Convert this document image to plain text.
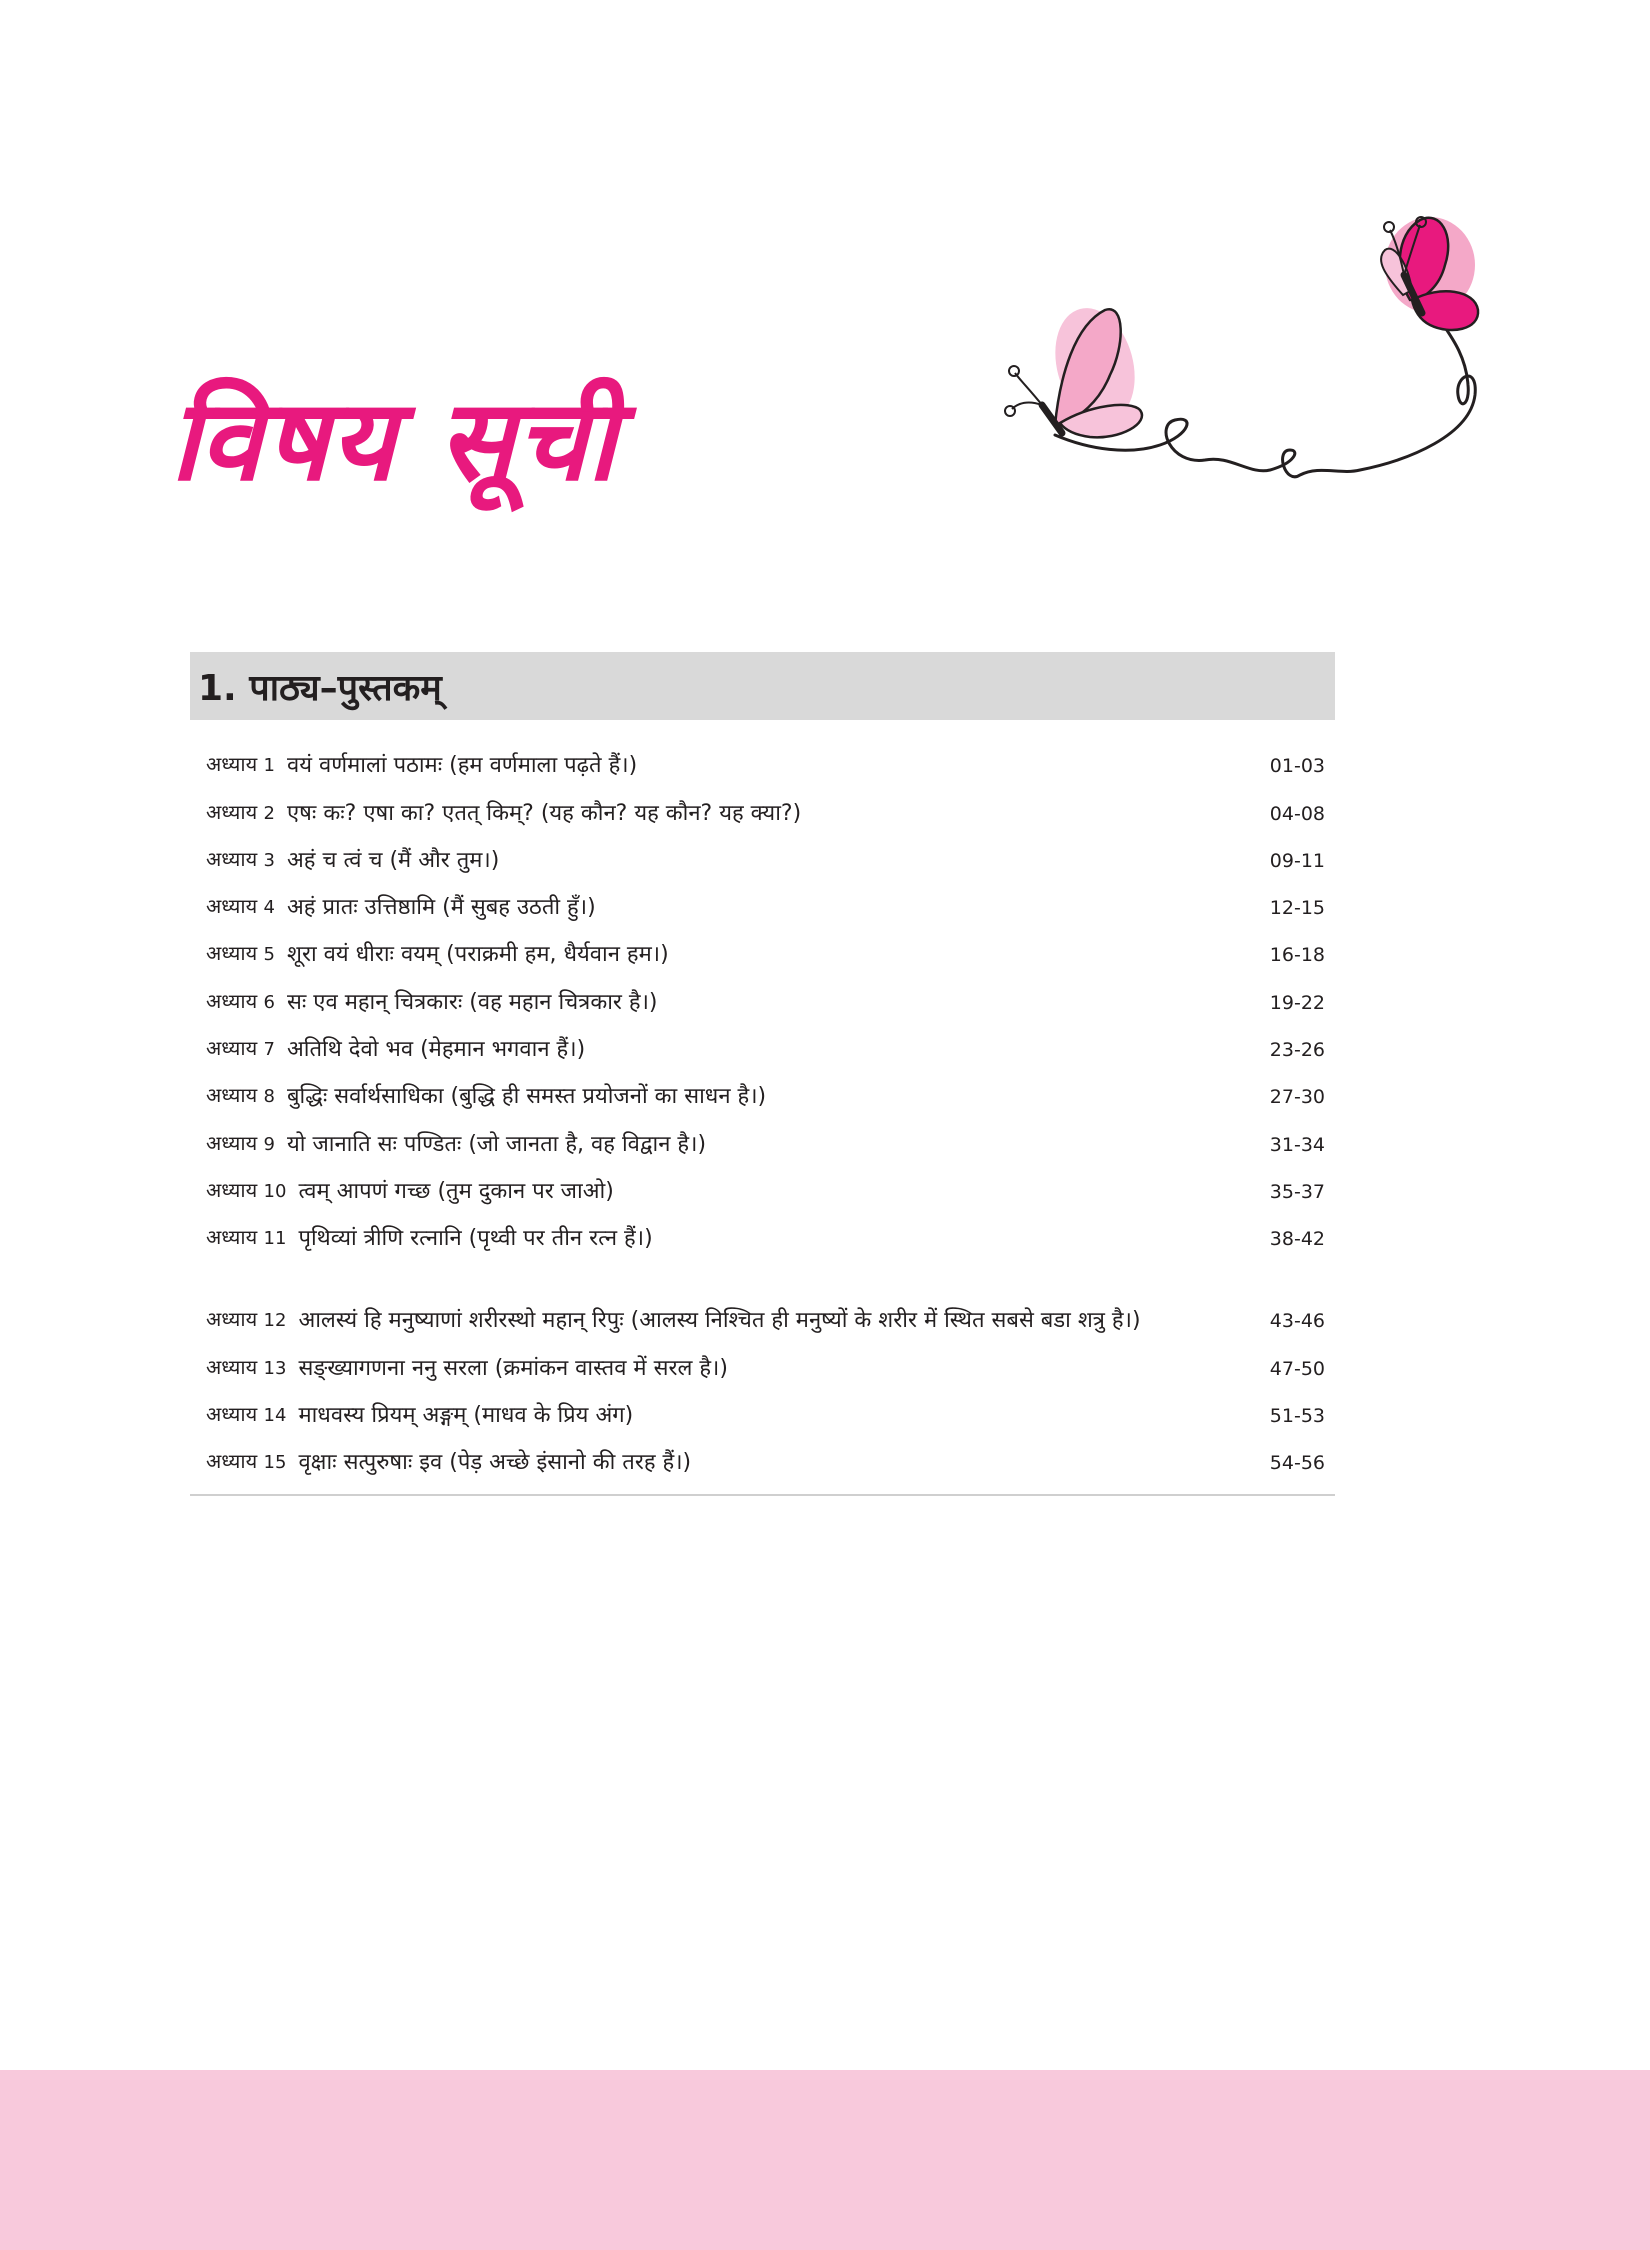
विषय सूची
1. पाठ्य–पुस्तकम्
अध्याय 1 वयं वर्णमालां पठामः (हम वर्णमाला पढ़ते हैं।)	01-03
अध्याय 2 एषः कः? एषा का? एतत् किम्? (यह कौन? यह कौन? यह क्या?)	04-08
अध्याय 3 अहं च त्वं च (मैं और तुम।)	09-11
अध्याय 4 अहं प्रातः उत्तिष्ठामि (मैं सुबह उठती हुँ।)	12-15
अध्याय 5 शूरा वयं धीराः वयम् (पराक्रमी हम, धैर्यवान हम।)	16-18
अध्याय 6 सः एव महान् चित्रकारः (वह महान चित्रकार है।)	19-22
अध्याय 7 अतिथि देवो भव (मेहमान भगवान हैं।)	23-26
अध्याय 8 बुद्धिः सर्वार्थसाधिका (बुद्धि ही समस्त प्रयोजनों का साधन है।)	27-30
अध्याय 9 यो जानाति सः पण्डितः (जो जानता है, वह विद्वान है।)	31-34
अध्याय 10 त्वम् आपणं गच्छ (तुम दुकान पर जाओ)	35-37
अध्याय 11 पृथिव्यां त्रीणि रत्नानि (पृथ्वी पर तीन रत्न हैं।)	38-42
अध्याय 12 आलस्यं हि मनुष्याणां शरीरस्थो महान् रिपुः (आलस्य निश्चित ही मनुष्यों के शरीर में स्थित सबसे बडा शत्रु है।)	43-46
अध्याय 13 सङ्ख्यागणना ननु सरला (क्रमांकन वास्तव में सरल है।)	47-50
अध्याय 14 माधवस्य प्रियम् अङ्गम् (माधव के प्रिय अंग)	51-53
अध्याय 15 वृक्षाः सत्पुरुषाः इव (पेड़ अच्छे इंसानो की तरह हैं।)	54-56
